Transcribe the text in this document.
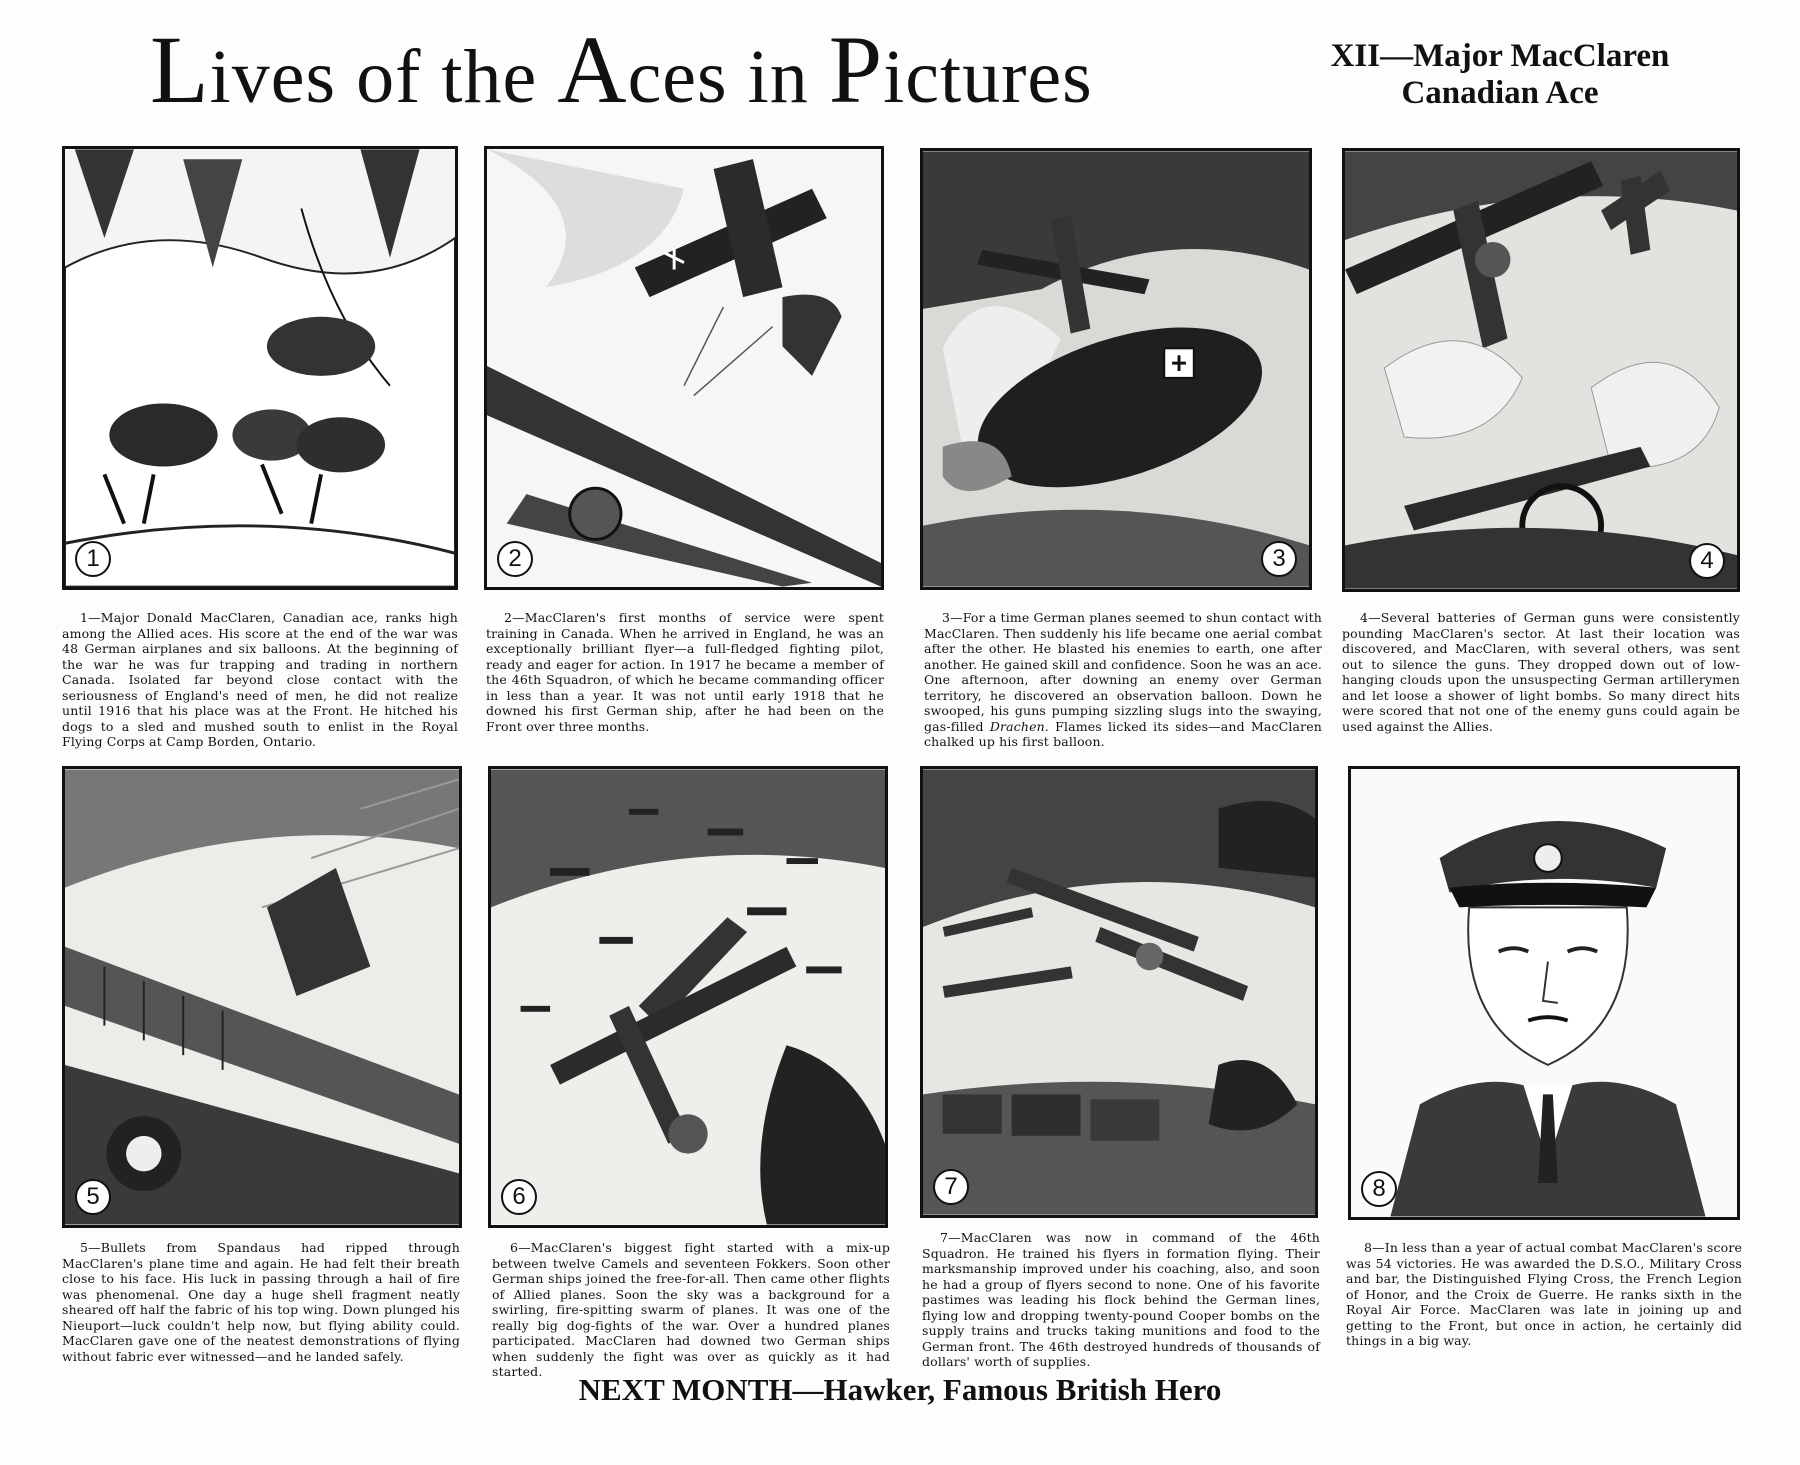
Lives of the Aces in Pictures	XII—Major MacClaren
Canadian Ace
1
1—Major Donald MacClaren, Canadian ace, ranks high among the Allied aces. His score at the end of the war was 48 German airplanes and six balloons. At the beginning of the war he was fur trapping and trading in northern Canada. Isolated far beyond close contact with the seriousness of England's need of men, he did not realize until 1916 that his place was at the Front. He hitched his dogs to a sled and mushed south to enlist in the Royal Flying Corps at Camp Borden, Ontario.
2
2—MacClaren's first months of service were spent training in Canada. When he arrived in England, he was an exceptionally brilliant flyer—a full-fledged fighting pilot, ready and eager for action. In 1917 he became a member of the 46th Squadron, of which he became commanding officer in less than a year. It was not until early 1918 that he downed his first German ship, after he had been on the Front over three months.
3
3—For a time German planes seemed to shun contact with MacClaren. Then suddenly his life became one aerial combat after the other. He blasted his enemies to earth, one after another. He gained skill and confidence. Soon he was an ace. One afternoon, after downing an enemy over German territory, he discovered an observation balloon. Down he swooped, his guns pumping sizzling slugs into the swaying, gas-filled Drachen. Flames licked its sides—and MacClaren chalked up his first balloon.
4
4—Several batteries of German guns were consistently pounding MacClaren's sector. At last their location was discovered, and MacClaren, with several others, was sent out to silence the guns. They dropped down out of low-hanging clouds upon the unsuspecting German artillerymen and let loose a shower of light bombs. So many direct hits were scored that not one of the enemy guns could again be used against the Allies.
5
5—Bullets from Spandaus had ripped through MacClaren's plane time and again. He had felt their breath close to his face. His luck in passing through a hail of fire was phenomenal. One day a huge shell fragment neatly sheared off half the fabric of his top wing. Down plunged his Nieuport—luck couldn't help now, but flying ability could. MacClaren gave one of the neatest demonstrations of flying without fabric ever witnessed—and he landed safely.
6
6—MacClaren's biggest fight started with a mix-up between twelve Camels and seventeen Fokkers. Soon other German ships joined the free-for-all. Then came other flights of Allied planes. Soon the sky was a background for a swirling, fire-spitting swarm of planes. It was one of the really big dog-fights of the war. Over a hundred planes participated. MacClaren had downed two German ships when suddenly the fight was over as quickly as it had started.
7
7—MacClaren was now in command of the 46th Squadron. He trained his flyers in formation flying. Their marksmanship improved under his coaching, also, and soon he had a group of flyers second to none. One of his favorite pastimes was leading his flock behind the German lines, flying low and dropping twenty-pound Cooper bombs on the supply trains and trucks taking munitions and food to the German front. The 46th destroyed hundreds of thousands of dollars' worth of supplies.
8
8—In less than a year of actual combat MacClaren's score was 54 victories. He was awarded the D.S.O., Military Cross and bar, the Distinguished Flying Cross, the French Legion of Honor, and the Croix de Guerre. He ranks sixth in the Royal Air Force. MacClaren was late in joining up and getting to the Front, but once in action, he certainly did things in a big way.
NEXT MONTH—Hawker, Famous British Hero
